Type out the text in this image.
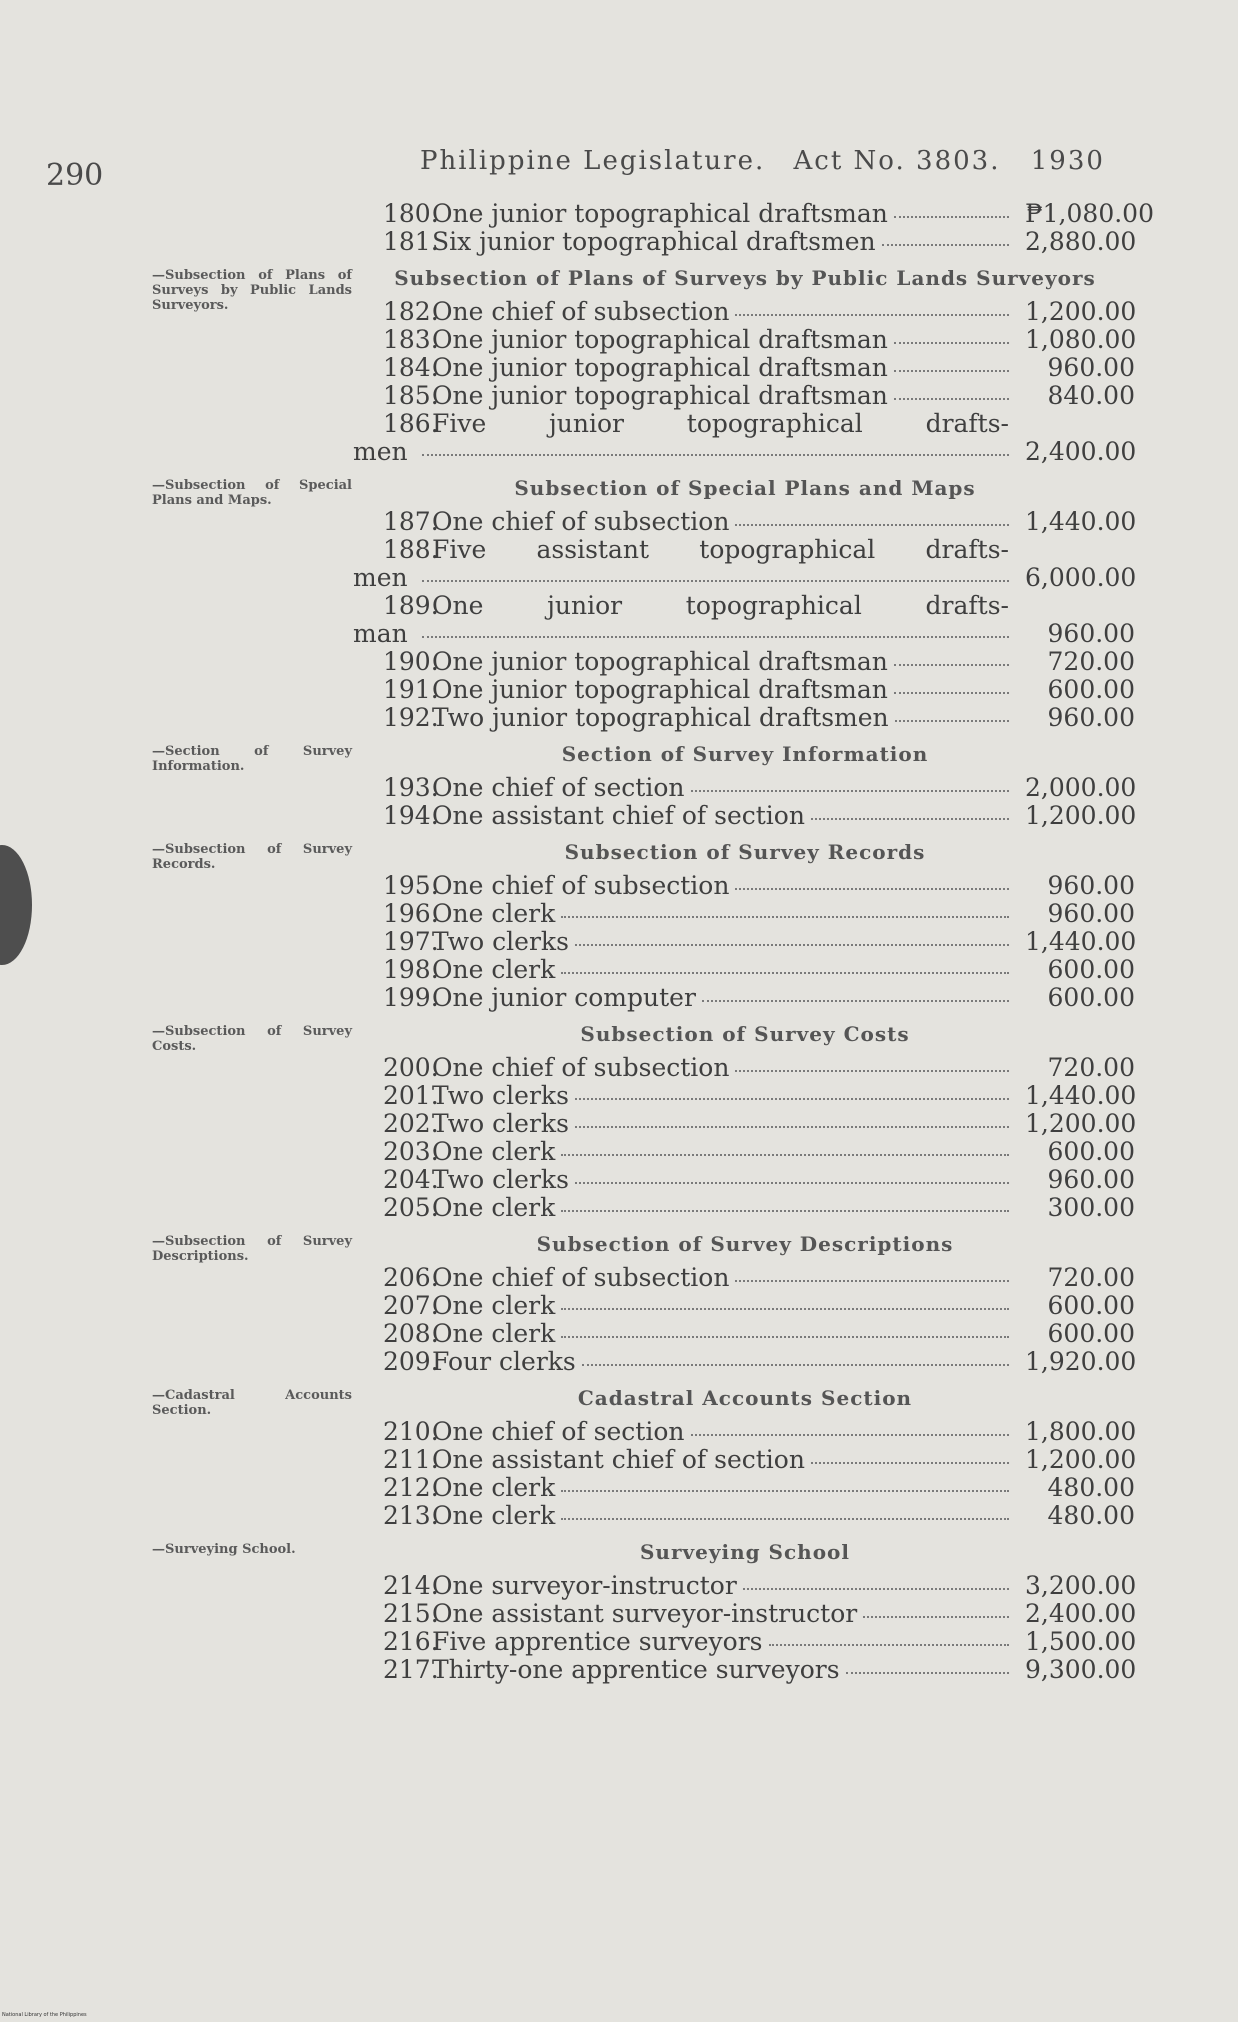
290	Philippine Legislature. Act No. 3803. 1930
—Subsection of Plans of Surveys by Public Lands Surveyors.
—Subsection of Special Plans and Maps.
—Section of Survey Information.
—Subsection of Survey Records.
—Subsection of Survey Costs.
—Subsection of Survey Descriptions.
—Cadastral Accounts Section.
—Surveying School.
180.
One junior topographical draftsman	₱1,080.00
181.
Six junior topographical draftsmen	2,880.00
Subsection of Plans of Surveys by Public Lands Surveyors
182.
One chief of subsection	1,200.00
183.
One junior topographical draftsman	1,080.00
184.
One junior topographical draftsman	960.00
185.
One junior topographical draftsman	840.00
186.
Five junior topographical drafts-
men	2,400.00
Subsection of Special Plans and Maps
187.
One chief of subsection	1,440.00
188.
Five assistant topographical drafts-
men	6,000.00
189.
One junior topographical drafts-
man	960.00
190.
One junior topographical draftsman	720.00
191.
One junior topographical draftsman	600.00
192.
Two junior topographical draftsmen	960.00
Section of Survey Information
193.
One chief of section	2,000.00
194.
One assistant chief of section	1,200.00
Subsection of Survey Records
195.
One chief of subsection	960.00
196.
One clerk	960.00
197.
Two clerks	1,440.00
198.
One clerk	600.00
199.
One junior computer	600.00
Subsection of Survey Costs
200.
One chief of subsection	720.00
201.
Two clerks	1,440.00
202.
Two clerks	1,200.00
203.
One clerk	600.00
204.
Two clerks	960.00
205.
One clerk	300.00
Subsection of Survey Descriptions
206.
One chief of subsection	720.00
207.
One clerk	600.00
208.
One clerk	600.00
209.
Four clerks	1,920.00
Cadastral Accounts Section
210.
One chief of section	1,800.00
211.
One assistant chief of section	1,200.00
212.
One clerk	480.00
213.
One clerk	480.00
Surveying School
214.
One surveyor-instructor	3,200.00
215.
One assistant surveyor-instructor	2,400.00
216.
Five apprentice surveyors	1,500.00
217.
Thirty-one apprentice surveyors	9,300.00
National Library of the Philippines
